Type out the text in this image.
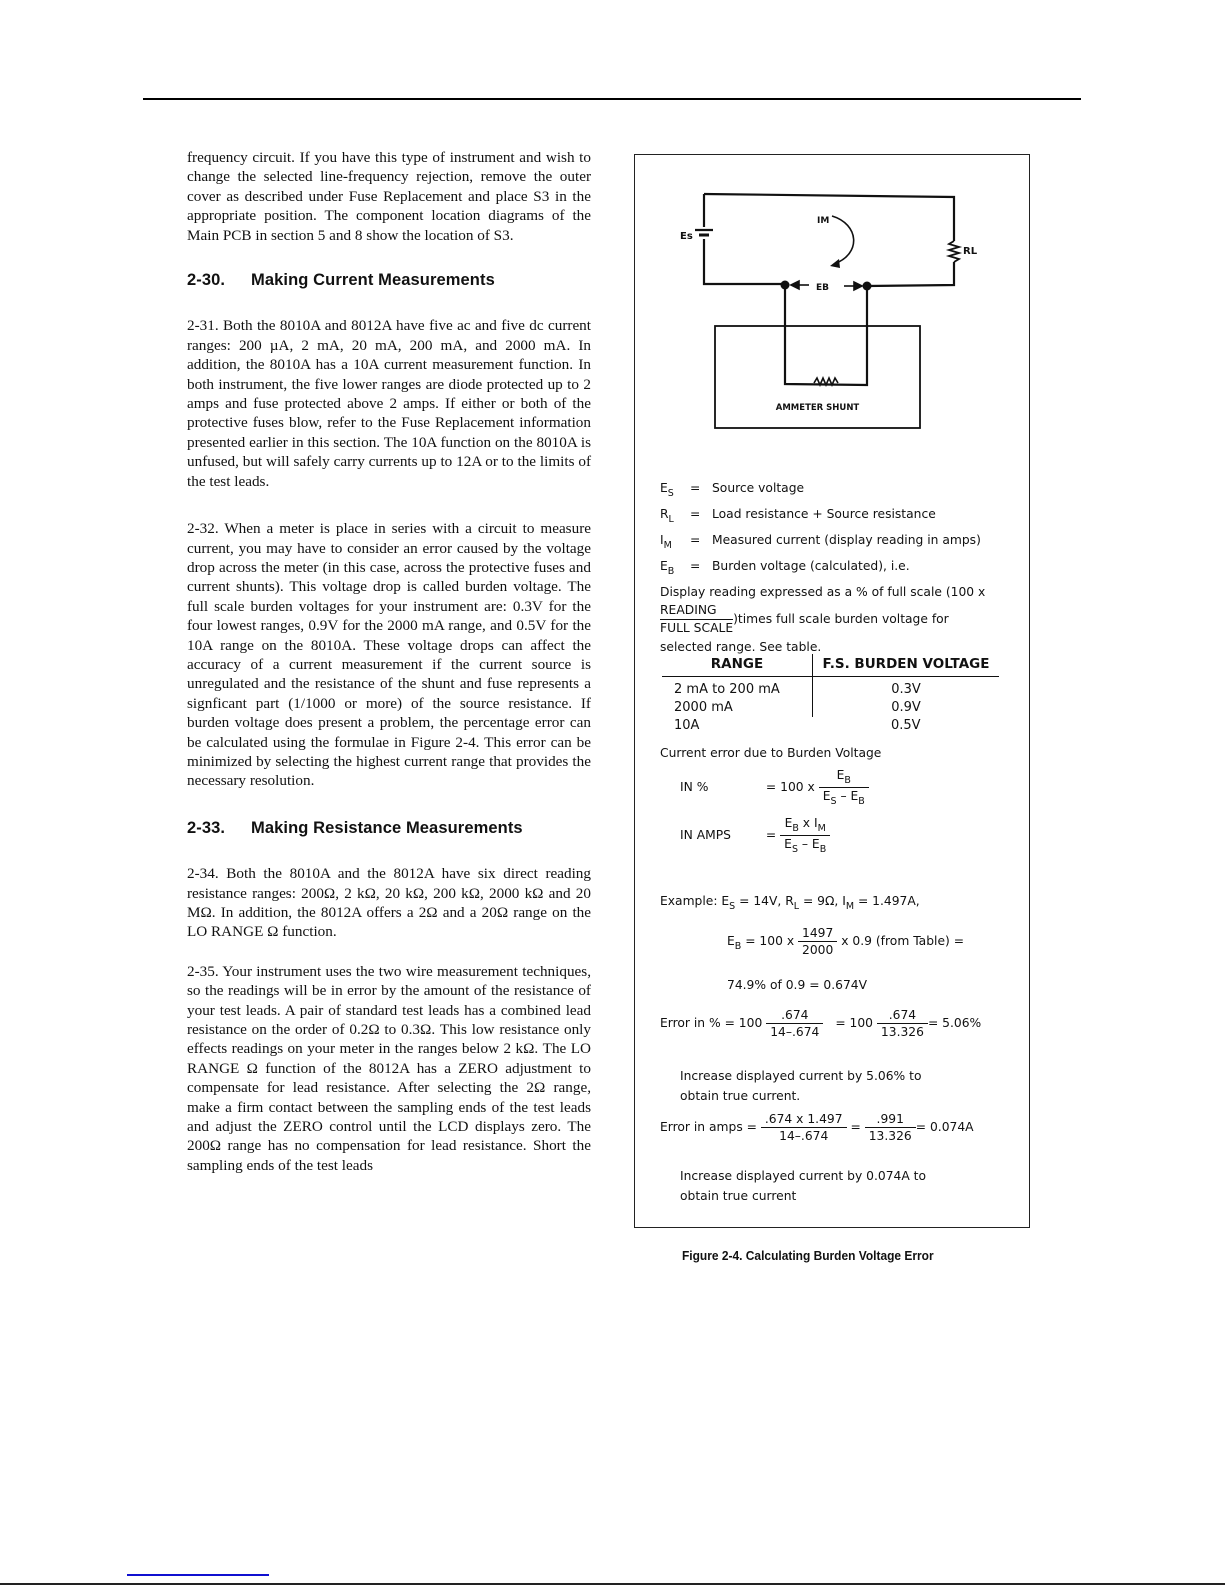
frequency circuit. If you have this type of instrument and wish to change the selected line-frequency rejection, remove the outer cover as described under Fuse Replacement and place S3 in the appropriate position. The component location diagrams of the Main PCB in section 5 and 8 show the location of S3.

2-30. Making Current Measurements

2-31. Both the 8010A and 8012A have five ac and five dc current ranges: 200 µA, 2 mA, 20 mA, 200 mA, and 2000 mA. In addition, the 8010A has a 10A current measurement function. In both instrument, the five lower ranges are diode protected up to 2 amps and fuse protected above 2 amps. If either or both of the protective fuses blow, refer to the Fuse Replacement information presented earlier in this section. The 10A function on the 8010A is unfused, but will safely carry currents up to 12A or to the limits of the test leads.

2-32. When a meter is place in series with a circuit to measure current, you may have to consider an error caused by the voltage drop across the meter (in this case, across the protective fuses and current shunts). This voltage drop is called burden voltage. The full scale burden voltages for your instrument are: 0.3V for the four lowest ranges, 0.9V for the 2000 mA range, and 0.5V for the 10A range on the 8010A. These voltage drops can affect the accuracy of a current measurement if the current source is unregulated and the resistance of the shunt and fuse represents a signficant part (1/1000 or more) of the source resistance. If burden voltage does present a problem, the percentage error can be calculated using the formulae in Figure 2-4. This error can be minimized by selecting the highest current range that provides the necessary resolution.

2-33. Making Resistance Measurements

2-34. Both the 8010A and the 8012A have six direct reading resistance ranges: 200Ω, 2 kΩ, 20 kΩ, 200 kΩ, 2000 kΩ and 20 MΩ. In addition, the 8012A offers a 2Ω and a 20Ω range on the LO RANGE Ω function.

2-35. Your instrument uses the two wire measurement techniques, so the readings will be in error by the amount of the resistance of your test leads. A pair of standard test leads has a combined lead resistance on the order of 0.2Ω to 0.3Ω. This low resistance only effects readings on your meter in the ranges below 2 kΩ. The LO RANGE Ω function of the 8012A has a ZERO adjustment to compensate for lead resistance. After selecting the 2Ω range, make a firm contact between the sampling ends of the test leads and adjust the ZERO control until the LCD displays zero. The 200Ω range has no compensation for lead resistance. Short the sampling ends of the test leads

Es
RL
IM
EB
AMMETER SHUNT
$E_S$	= Source voltage
$R_L$	= Load resistance + Source resistance
$I_M$	= Measured current (display reading in amps)
$E_B$	= Burden voltage (calculated), i.e.
Display reading expressed as a % of full scale (100 x
$\frac{\text{READING}}{\text{FULL SCALE}}$ )times full scale burden voltage for
selected range. See table.
RANGE	F.S. BURDEN VOLTAGE
2 mA to 200 mA	0.3V
2000 mA	0.9V
10A	0.5V
Current error due to Burden Voltage
IN %	= 100 x $\frac{E_B}{E_S - E_B}$
IN AMPS	= $\frac{E_B x I_M}{E_S - E_B}$
Example: $E_S = 14V$, $R_L = 9\Omega$, $I_M = 1.497A$,
$E_B = 100$ x $\frac{1497}{2000}$ x 0.9 (from Table) =
74.9% of 0.9 = 0.674V
Error in % = $100 \frac{.674}{14-.674} = 100 \frac{.674}{13.326} = 5.06\%$
Increase displayed current by 5.06% to
obtain true current.
Error in amps = $\frac{.674 x 1.497}{14-.674} = \frac{.991}{13.326} = 0.074A$
Increase displayed current by 0.074A to
obtain true current
Figure 2-4. Calculating Burden Voltage Error
